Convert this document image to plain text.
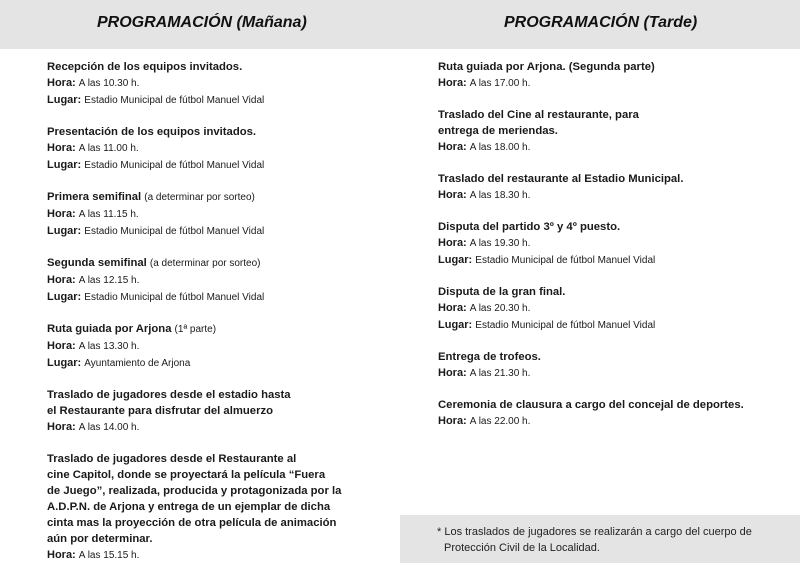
PROGRAMACIÓN (Mañana)	PROGRAMACIÓN (Tarde)
Recepción de los equipos invitados.
Hora: A las 10.30 h.
Lugar: Estadio Municipal de fútbol Manuel Vidal
Presentación de los equipos invitados.
Hora: A las 11.00 h.
Lugar: Estadio Municipal de fútbol Manuel Vidal
Primera semifinal (a determinar por sorteo)
Hora: A las 11.15 h.
Lugar: Estadio Municipal de fútbol Manuel Vidal
Segunda semifinal (a determinar por sorteo)
Hora: A las 12.15 h.
Lugar: Estadio Municipal de fútbol Manuel Vidal
Ruta guiada por Arjona (1ª parte)
Hora: A las 13.30 h.
Lugar: Ayuntamiento de Arjona
Traslado de jugadores desde el estadio hasta
el Restaurante para disfrutar del almuerzo
Hora: A las 14.00 h.
Traslado de jugadores desde el Restaurante al
cine Capitol, donde se proyectará la película “Fuera
de Juego”, realizada, producida y protagonizada por la
A.D.P.N. de Arjona y entrega de un ejemplar de dicha
cinta mas la proyección de otra película de animación
aún por determinar.
Hora: A las 15.15 h.
Ruta guiada por Arjona. (Segunda parte)
Hora: A las 17.00 h.
Traslado del Cine al restaurante, para
entrega de meriendas.
Hora: A las 18.00 h.
Traslado del restaurante al Estadio Municipal.
Hora: A las 18.30 h.
Disputa del partido 3º y 4º puesto.
Hora: A las 19.30 h.
Lugar: Estadio Municipal de fútbol Manuel Vidal
Disputa de la gran final.
Hora: A las 20.30 h.
Lugar: Estadio Municipal de fútbol Manuel Vidal
Entrega de trofeos.
Hora: A las 21.30 h.
Ceremonia de clausura a cargo del concejal de deportes.
Hora: A las 22.00 h.
* Los traslados de jugadores se realizarán a cargo del cuerpo de
Protección Civil de la Localidad.
